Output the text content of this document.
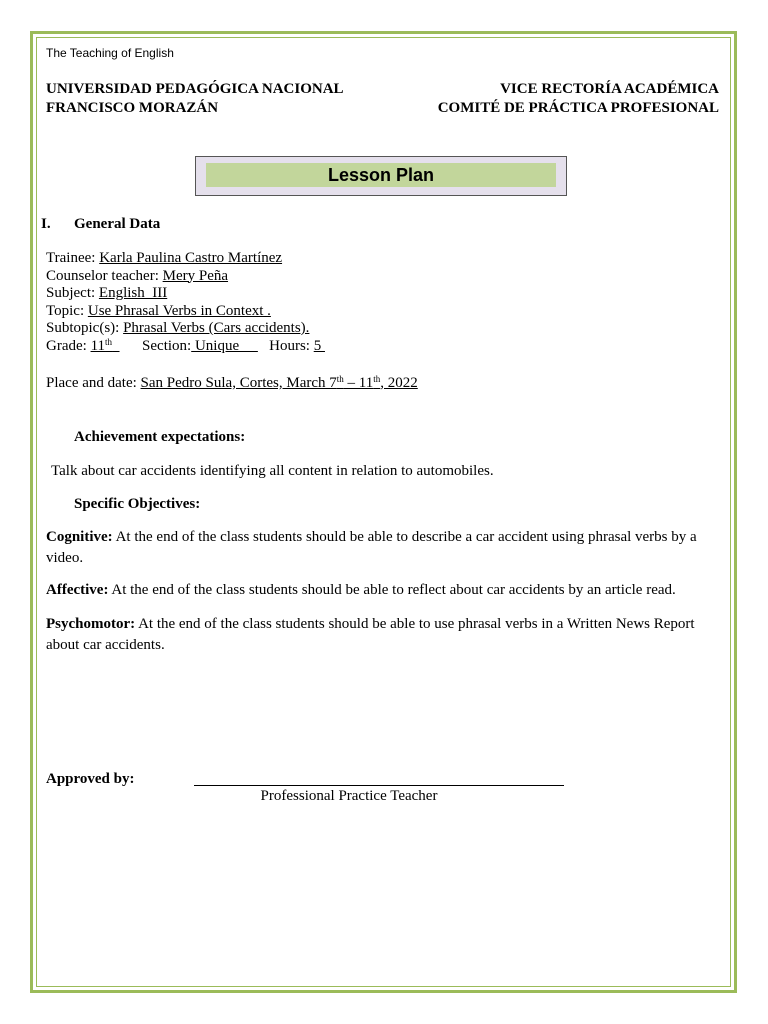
The Teaching of English
UNIVERSIDAD PEDAGÓGICA NACIONAL
FRANCISCO MORAZÁN
VICE RECTORÍA ACADÉMICA
COMITÉ DE PRÁCTICA PROFESIONAL
Lesson Plan
I. General Data
Trainee: Karla Paulina Castro Martínez
Counselor teacher: Mery Peña
Subject: English  III
Topic: Use Phrasal Verbs in Context .
Subtopic(s): Phrasal Verbs (Cars accidents).
Grade: 11th Section: Unique        Hours: 5
Place and date: San Pedro Sula, Cortes, March 7th – 11th, 2022
Achievement expectations:
Talk about car accidents identifying all content in relation to automobiles.
Specific Objectives:
Cognitive: At the end of the class students should be able to describe a car accident using phrasal verbs by a video.
Affective: At the end of the class students should be able to reflect about car accidents by an article read.
Psychomotor: At the end of the class students should be able to use phrasal verbs in a Written News Report about car accidents.
Approved by:
Professional Practice Teacher
